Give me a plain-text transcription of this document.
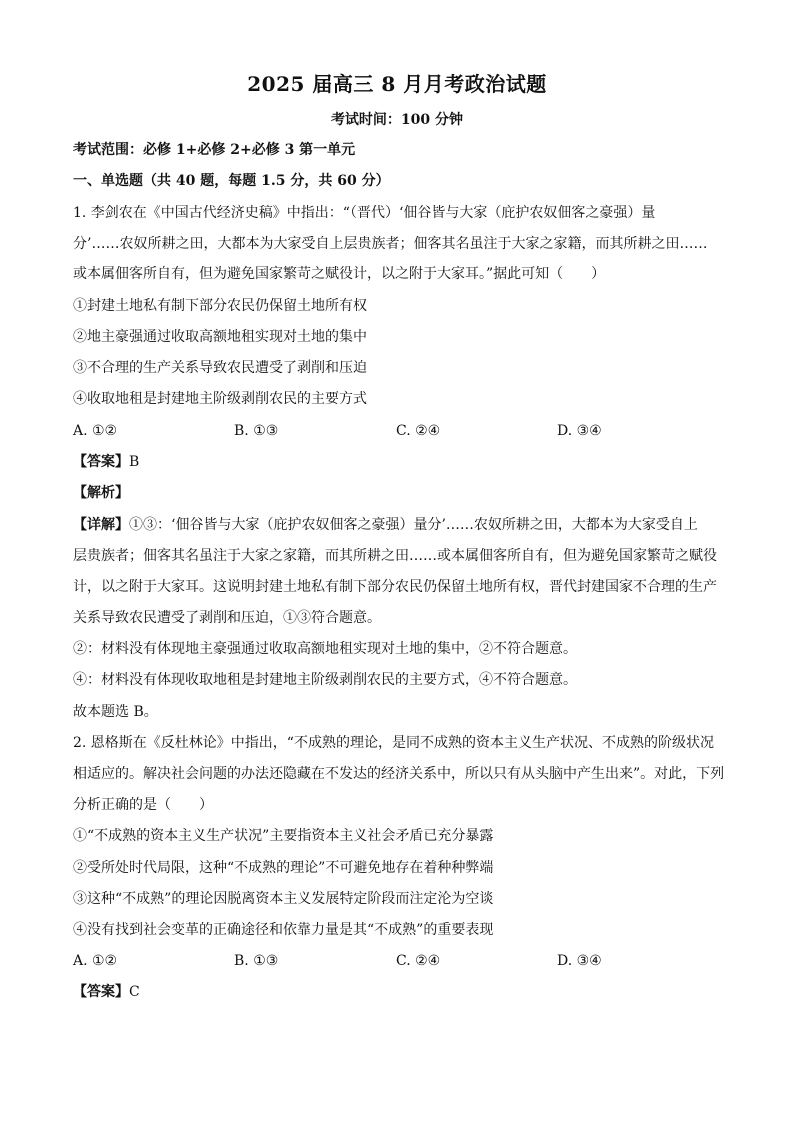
2025 届高三 8 月月考政治试题
考试时间：100 分钟
考试范围：必修 1+必修 2+必修 3 第一单元
一、单选题（共 40 题，每题 1.5 分，共 60 分）
1. 李剑农在《中国古代经济史稿》中指出：“（晋代）‘佃谷皆与大家（庇护农奴佃客之豪强）量
分’……农奴所耕之田，大都本为大家受自上层贵族者；佃客其名虽注于大家之家籍，而其所耕之田……
或本属佃客所自有，但为避免国家繁苛之赋役计，以之附于大家耳。”据此可知（　　）
①封建土地私有制下部分农民仍保留土地所有权
②地主豪强通过收取高额地租实现对土地的集中
③不合理的生产关系导致农民遭受了剥削和压迫
④收取地租是封建地主阶级剥削农民的主要方式
A. ①②	B. ①③	C. ②④	D. ③④
【答案】B
【解析】
【详解】①③：‘佃谷皆与大家（庇护农奴佃客之豪强）量分’……农奴所耕之田，大都本为大家受自上
层贵族者；佃客其名虽注于大家之家籍，而其所耕之田……或本属佃客所自有，但为避免国家繁苛之赋役
计，以之附于大家耳。这说明封建土地私有制下部分农民仍保留土地所有权，晋代封建国家不合理的生产
关系导致农民遭受了剥削和压迫，①③符合题意。
②：材料没有体现地主豪强通过收取高额地租实现对土地的集中，②不符合题意。
④：材料没有体现收取地租是封建地主阶级剥削农民的主要方式，④不符合题意。
故本题选 B。
2. 恩格斯在《反杜林论》中指出，“不成熟的理论，是同不成熟的资本主义生产状况、不成熟的阶级状况
相适应的。解决社会问题的办法还隐藏在不发达的经济关系中，所以只有从头脑中产生出来”。对此，下列
分析正确的是（　　）
①“不成熟的资本主义生产状况”主要指资本主义社会矛盾已充分暴露
②受所处时代局限，这种“不成熟的理论”不可避免地存在着种种弊端
③这种“不成熟”的理论因脱离资本主义发展特定阶段而注定沦为空谈
④没有找到社会变革的正确途径和依靠力量是其“不成熟”的重要表现
A. ①②	B. ①③	C. ②④	D. ③④
【答案】C
